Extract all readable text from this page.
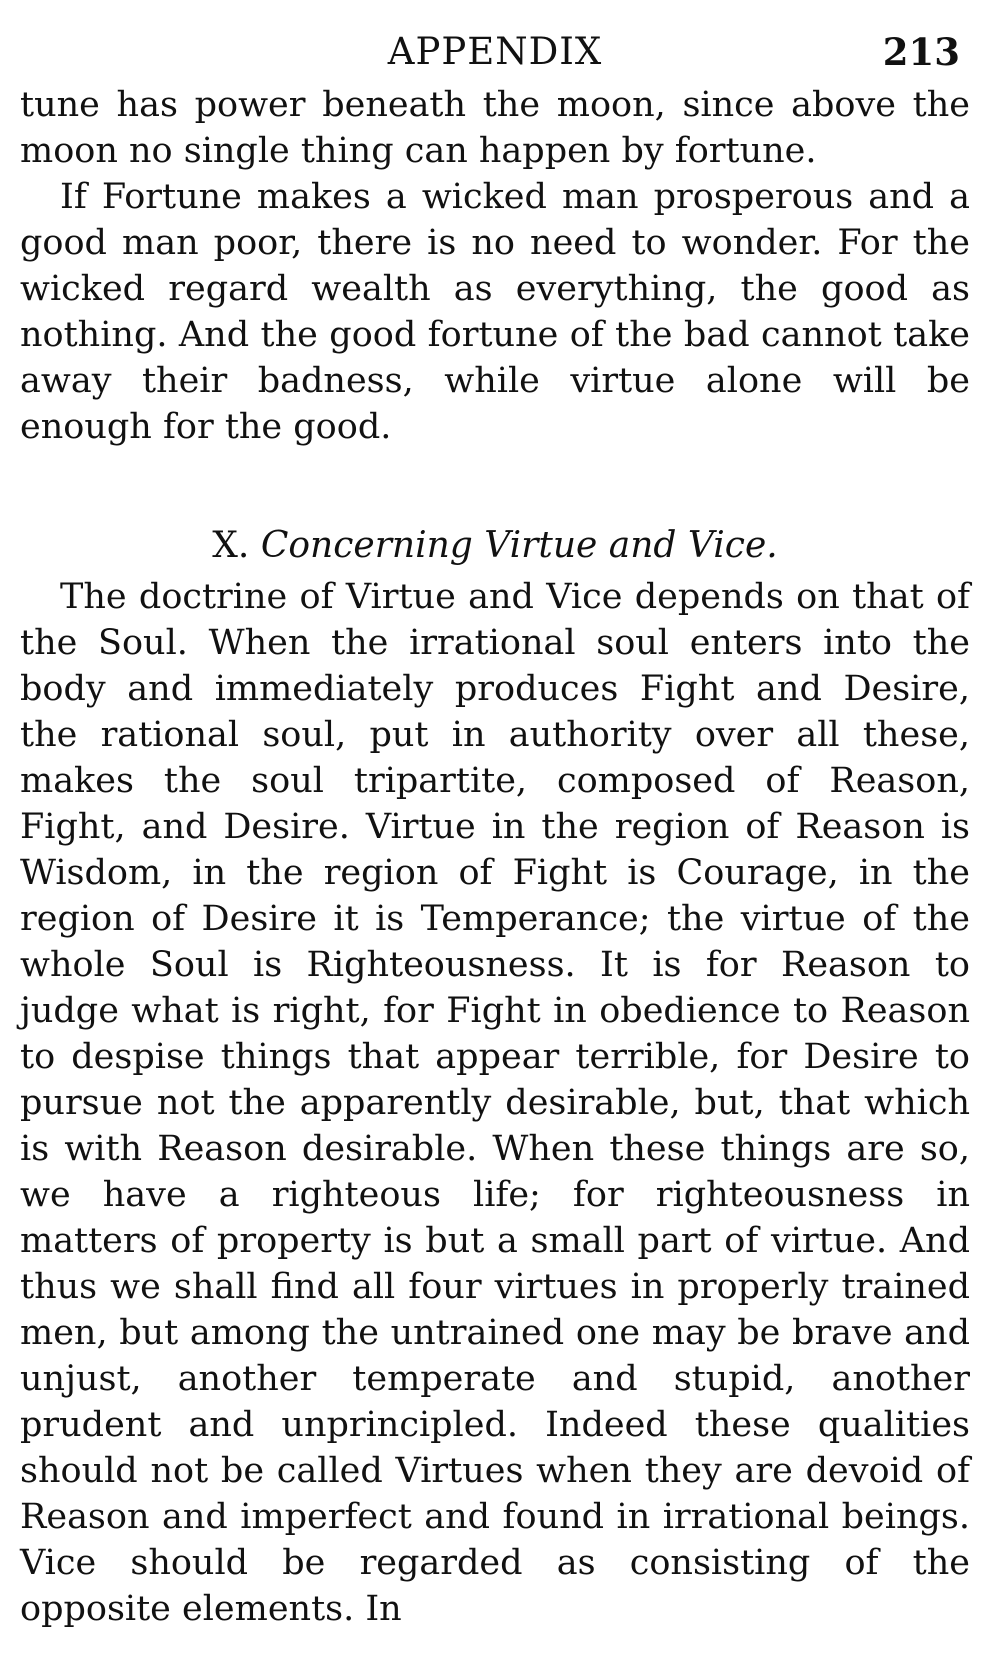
APPENDIX	213

tune has power beneath the moon, since above the moon no single thing can happen by fortune.

If Fortune makes a wicked man prosperous and a good man poor, there is no need to wonder. For the wicked regard wealth as everything, the good as nothing. And the good fortune of the bad cannot take away their badness, while virtue alone will be enough for the good.

X. Concerning Virtue and Vice.

The doctrine of Virtue and Vice depends on that of the Soul. When the irrational soul enters into the body and immediately produces Fight and Desire, the rational soul, put in authority over all these, makes the soul tripartite, composed of Reason, Fight, and Desire. Virtue in the region of Reason is Wisdom, in the region of Fight is Courage, in the region of Desire it is Temperance; the virtue of the whole Soul is Righteousness. It is for Reason to judge what is right, for Fight in obedience to Reason to despise things that appear terrible, for Desire to pursue not the apparently desirable, but, that which is with Reason desirable. When these things are so, we have a righteous life; for righteousness in matters of property is but a small part of virtue. And thus we shall find all four virtues in properly trained men, but among the untrained one may be brave and unjust, another temperate and stupid, another prudent and unprincipled. Indeed these qualities should not be called Virtues when they are devoid of Reason and imperfect and found in irrational beings. Vice should be regarded as consisting of the opposite elements. In
